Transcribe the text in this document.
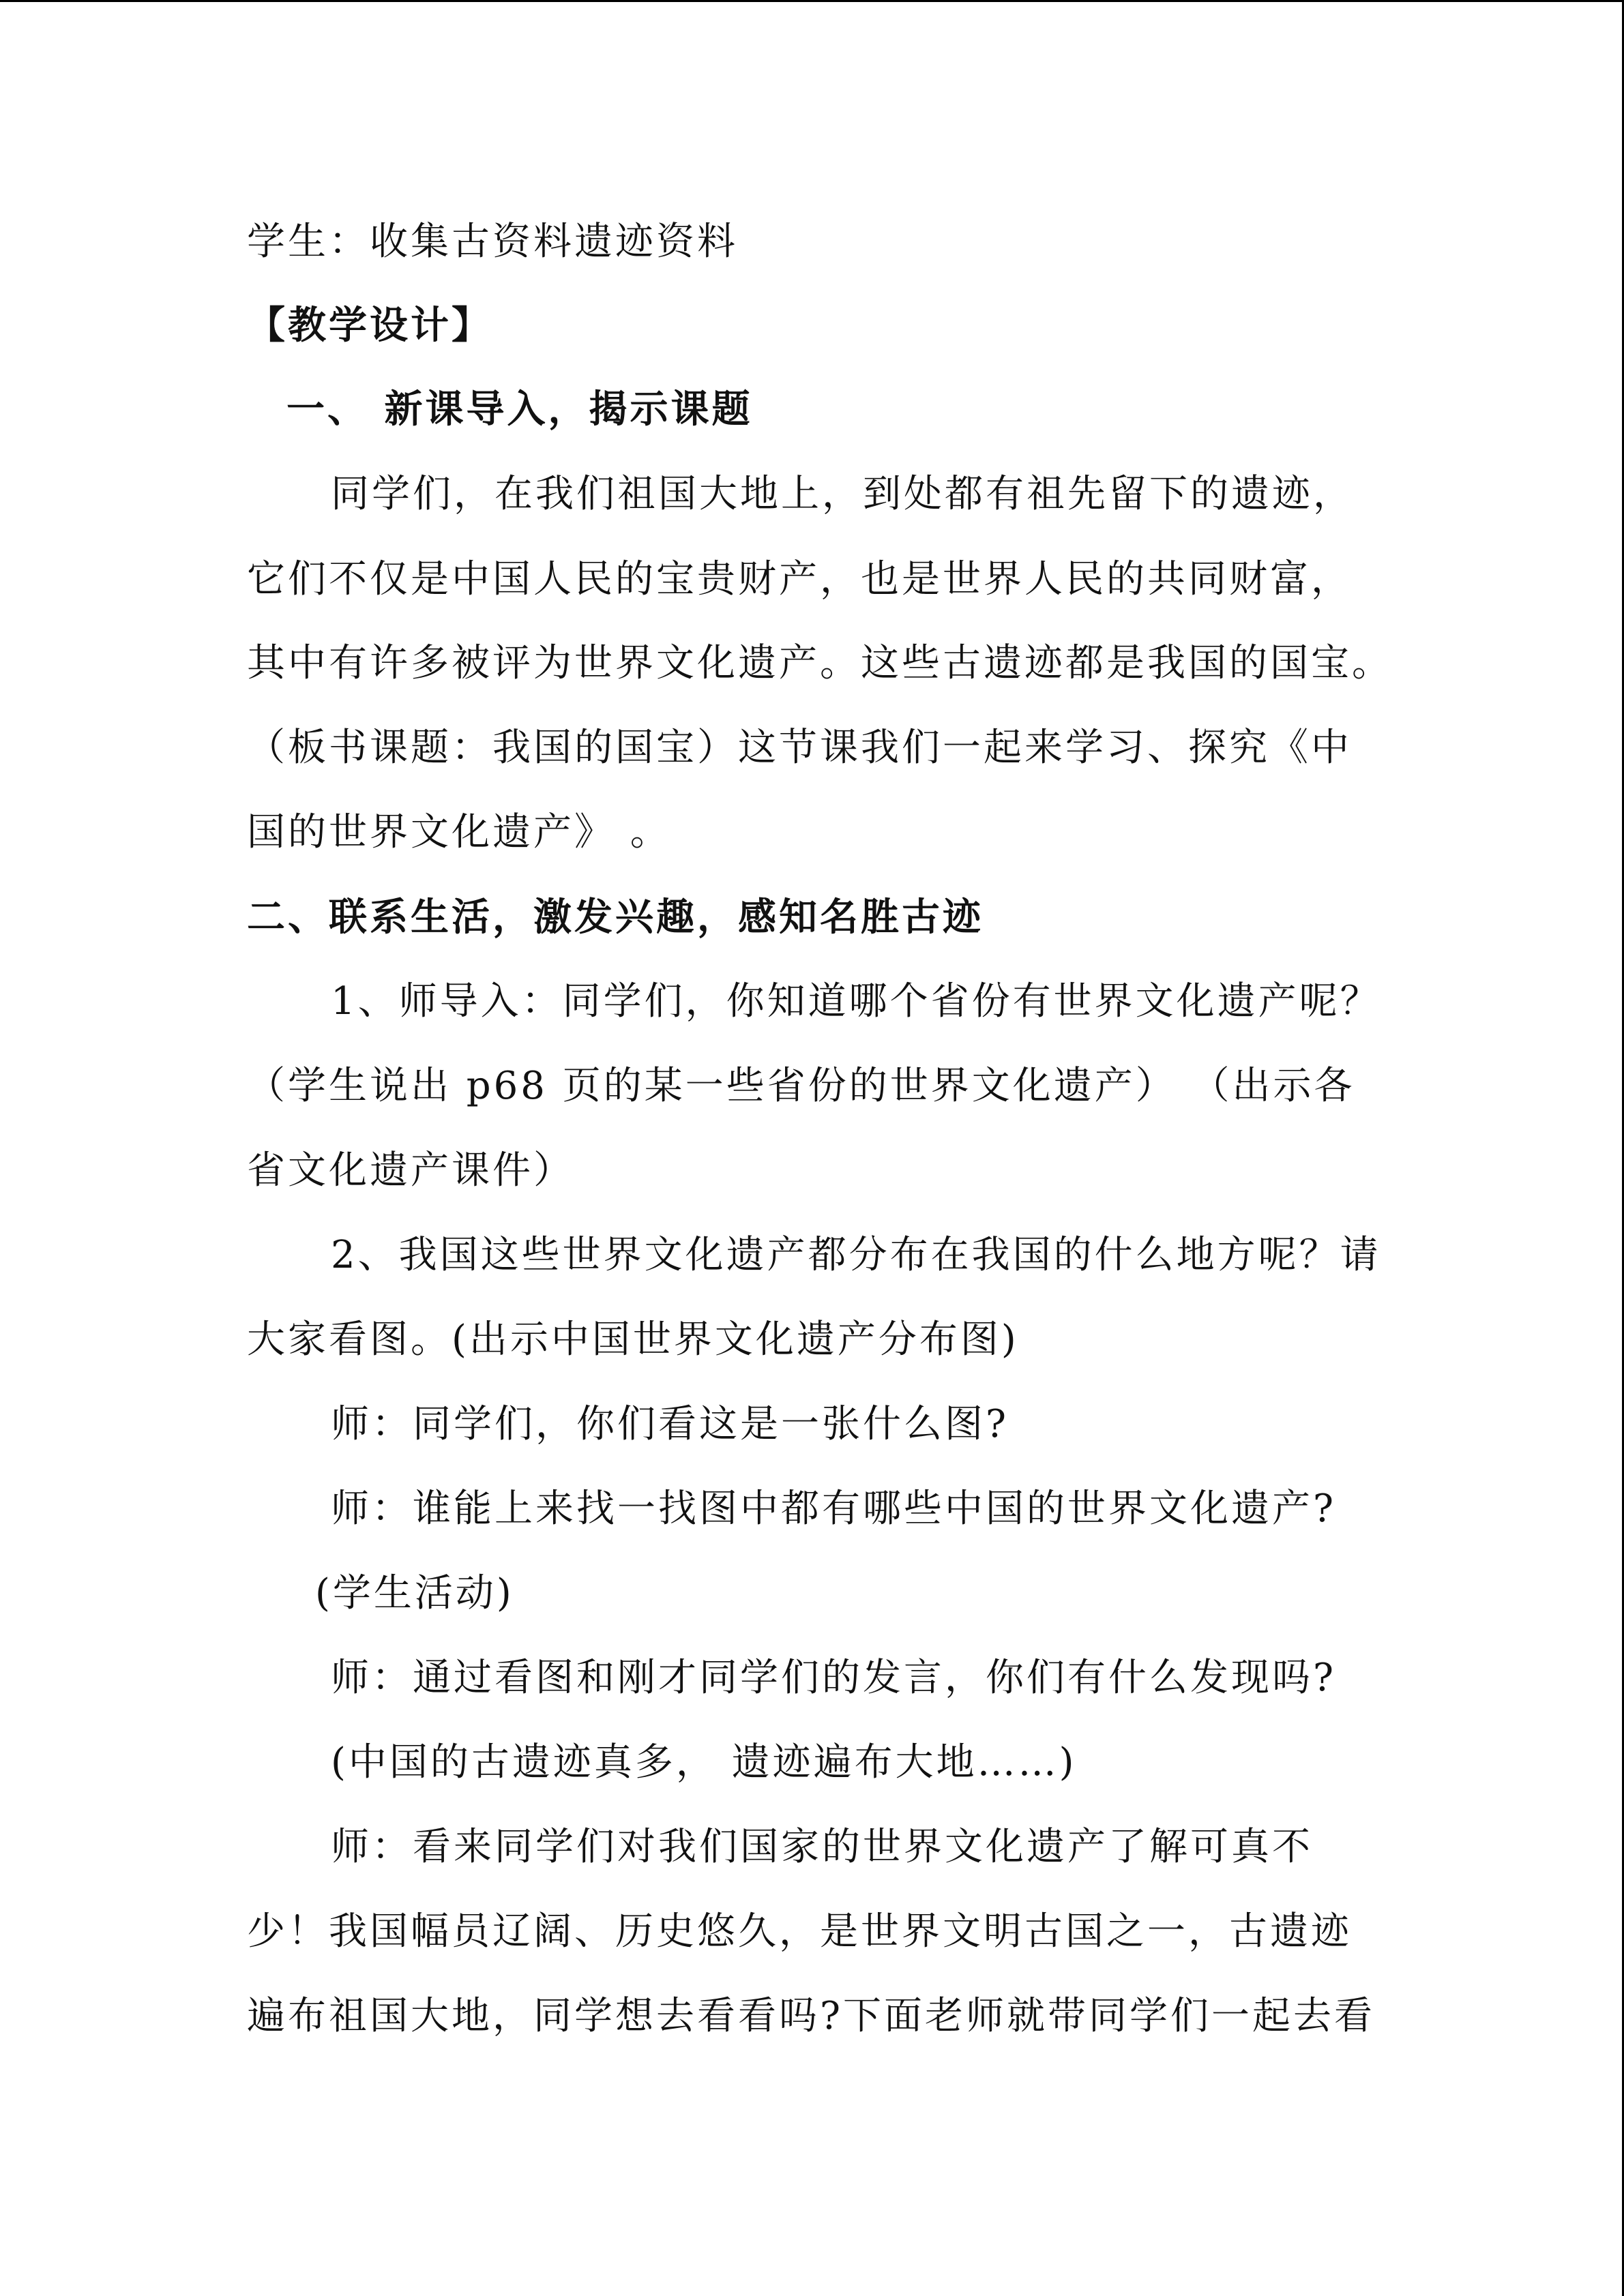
学生：收集古资料遗迹资料
【教学设计】
一、 新课导入，揭示课题
同学们，在我们祖国大地上，到处都有祖先留下的遗迹，
它们不仅是中国人民的宝贵财产，也是世界人民的共同财富，
其中有许多被评为世界文化遗产。这些古遗迹都是我国的国宝。
（板书课题：我国的国宝）这节课我们一起来学习、探究《中
国的世界文化遗产》 。
二、联系生活，激发兴趣，感知名胜古迹
1、师导入：同学们，你知道哪个省份有世界文化遗产呢？
（学生说出 p68 页的某一些省份的世界文化遗产） （出示各
省文化遗产课件）
2、我国这些世界文化遗产都分布在我国的什么地方呢？请
大家看图。(出示中国世界文化遗产分布图)
师：同学们，你们看这是一张什么图?
师：谁能上来找一找图中都有哪些中国的世界文化遗产?
(学生活动)
师：通过看图和刚才同学们的发言，你们有什么发现吗?
(中国的古遗迹真多， 遗迹遍布大地……)
师：看来同学们对我们国家的世界文化遗产了解可真不
少！我国幅员辽阔、历史悠久，是世界文明古国之一，古遗迹
遍布祖国大地，同学想去看看吗?下面老师就带同学们一起去看
